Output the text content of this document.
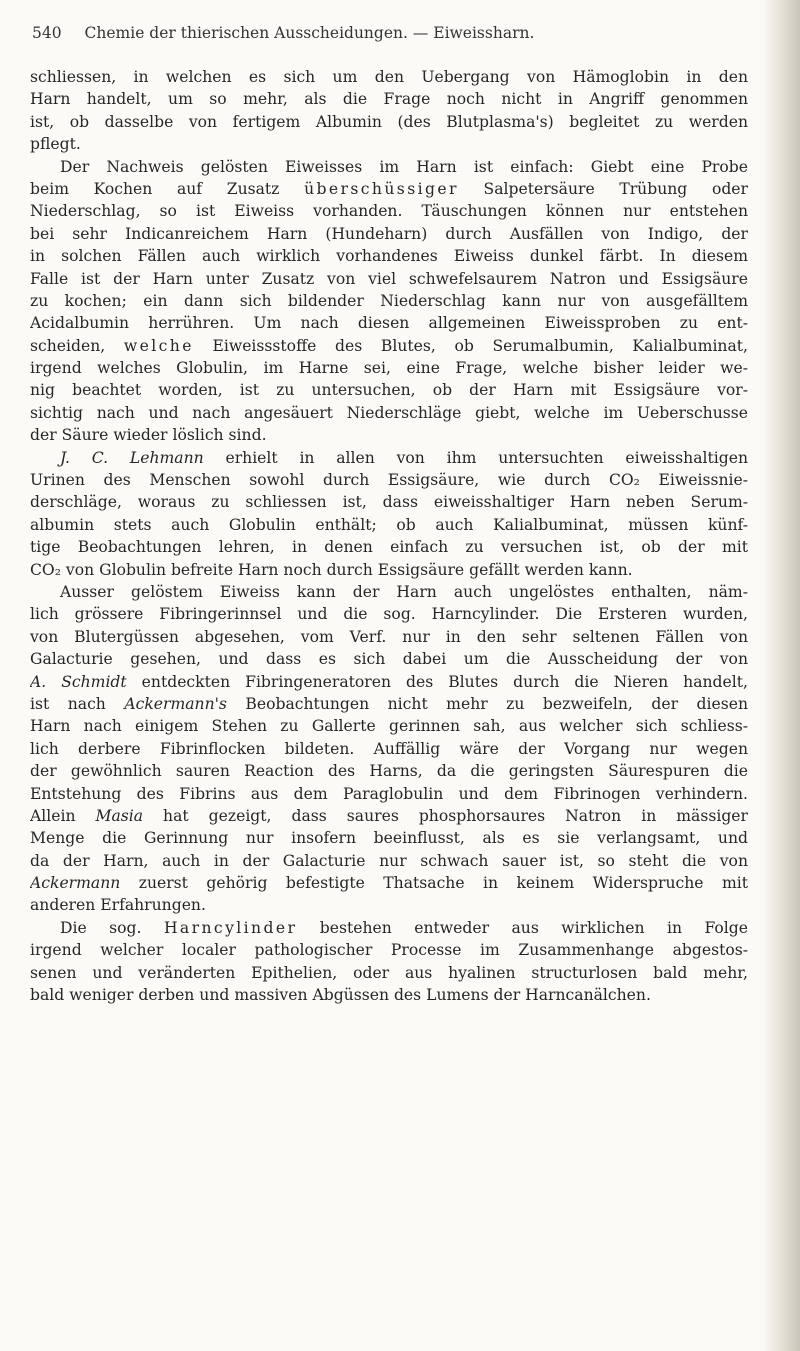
540 Chemie der thierischen Ausscheidungen. — Eiweissharn.
schliessen, in welchen es sich um den Uebergang von Hämoglobin in den
Harn handelt, um so mehr, als die Frage noch nicht in Angriff genommen
ist, ob dasselbe von fertigem Albumin (des Blutplasma's) begleitet zu werden
pflegt.
Der Nachweis gelösten Eiweisses im Harn ist einfach: Giebt eine Probe
beim Kochen auf Zusatz überschüssiger Salpetersäure Trübung oder
Niederschlag, so ist Eiweiss vorhanden. Täuschungen können nur entstehen
bei sehr Indicanreichem Harn (Hundeharn) durch Ausfällen von Indigo, der
in solchen Fällen auch wirklich vorhandenes Eiweiss dunkel färbt. In diesem
Falle ist der Harn unter Zusatz von viel schwefelsaurem Natron und Essigsäure
zu kochen; ein dann sich bildender Niederschlag kann nur von ausgefälltem
Acidalbumin herrühren. Um nach diesen allgemeinen Eiweissproben zu ent-
scheiden, welche Eiweissstoffe des Blutes, ob Serumalbumin, Kalialbuminat,
irgend welches Globulin, im Harne sei, eine Frage, welche bisher leider we-
nig beachtet worden, ist zu untersuchen, ob der Harn mit Essigsäure vor-
sichtig nach und nach angesäuert Niederschläge giebt, welche im Ueberschusse
der Säure wieder löslich sind.
J. C. Lehmann erhielt in allen von ihm untersuchten eiweisshaltigen
Urinen des Menschen sowohl durch Essigsäure, wie durch CO₂ Eiweissnie-
derschläge, woraus zu schliessen ist, dass eiweisshaltiger Harn neben Serum-
albumin stets auch Globulin enthält; ob auch Kalialbuminat, müssen künf-
tige Beobachtungen lehren, in denen einfach zu versuchen ist, ob der mit
CO₂ von Globulin befreite Harn noch durch Essigsäure gefällt werden kann.
Ausser gelöstem Eiweiss kann der Harn auch ungelöstes enthalten, näm-
lich grössere Fibringerinnsel und die sog. Harncylinder. Die Ersteren wurden,
von Blutergüssen abgesehen, vom Verf. nur in den sehr seltenen Fällen von
Galacturie gesehen, und dass es sich dabei um die Ausscheidung der von
A. Schmidt entdeckten Fibringeneratoren des Blutes durch die Nieren handelt,
ist nach Ackermann's Beobachtungen nicht mehr zu bezweifeln, der diesen
Harn nach einigem Stehen zu Gallerte gerinnen sah, aus welcher sich schliess-
lich derbere Fibrinflocken bildeten. Auffällig wäre der Vorgang nur wegen
der gewöhnlich sauren Reaction des Harns, da die geringsten Säurespuren die
Entstehung des Fibrins aus dem Paraglobulin und dem Fibrinogen verhindern.
Allein Masia hat gezeigt, dass saures phosphorsaures Natron in mässiger
Menge die Gerinnung nur insofern beeinflusst, als es sie verlangsamt, und
da der Harn, auch in der Galacturie nur schwach sauer ist, so steht die von
Ackermann zuerst gehörig befestigte Thatsache in keinem Widerspruche mit
anderen Erfahrungen.
Die sog. Harncylinder bestehen entweder aus wirklichen in Folge
irgend welcher localer pathologischer Processe im Zusammenhange abgestos-
senen und veränderten Epithelien, oder aus hyalinen structurlosen bald mehr,
bald weniger derben und massiven Abgüssen des Lumens der Harncanälchen.
